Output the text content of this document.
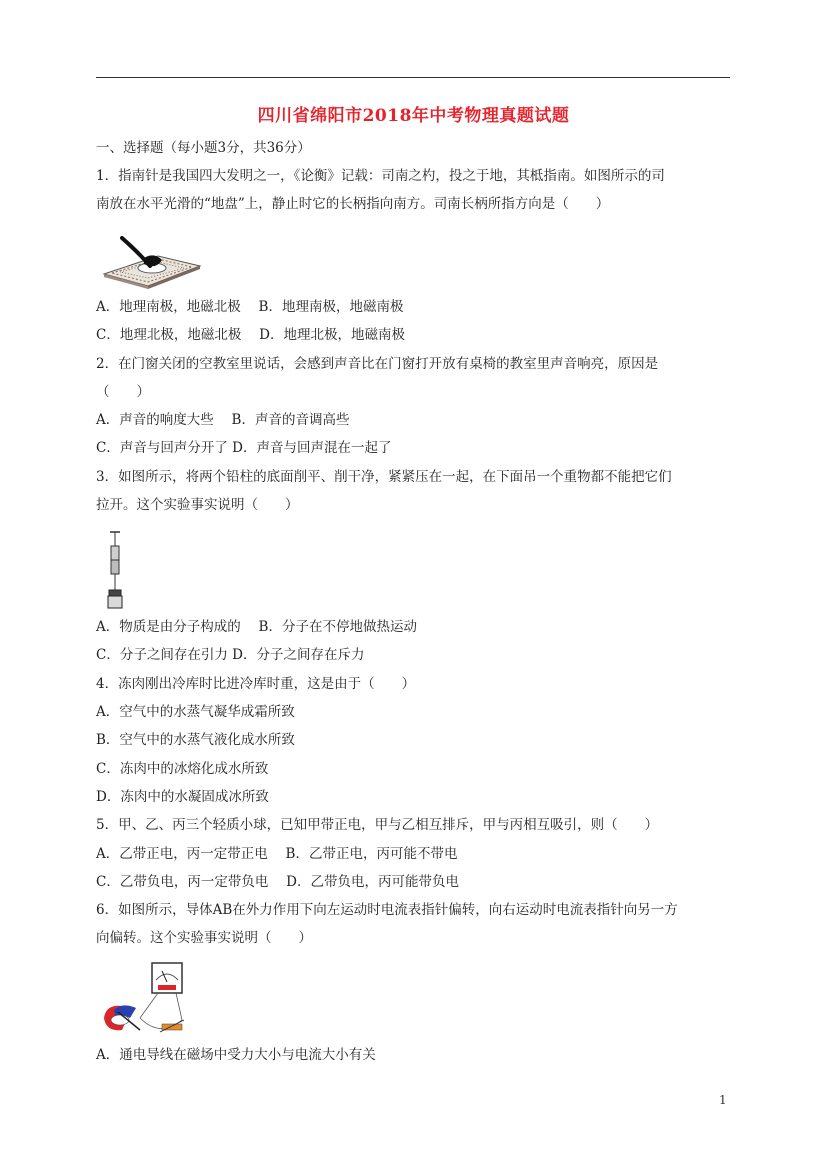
四川省绵阳市2018年中考物理真题试题
一、选择题（每小题3分，共36分）
1．指南针是我国四大发明之一，《论衡》记载：司南之杓，投之于地，其柢指南。如图所示的司
南放在水平光滑的“地盘”上，静止时它的长柄指向南方。司南长柄所指方向是（　　）
A．地理南极，地磁北极　 B．地理南极，地磁南极
C．地理北极，地磁北极　 D．地理北极，地磁南极
2．在门窗关闭的空教室里说话，会感到声音比在门窗打开放有桌椅的教室里声音响亮，原因是
（　　）
A．声音的响度大些　 B．声音的音调高些
C．声音与回声分开了 D．声音与回声混在一起了
3．如图所示，将两个铅柱的底面削平、削干净，紧紧压在一起，在下面吊一个重物都不能把它们
拉开。这个实验事实说明（　　）
A．物质是由分子构成的　 B．分子在不停地做热运动
C．分子之间存在引力 D．分子之间存在斥力
4．冻肉刚出冷库时比进冷库时重，这是由于（　　）
A．空气中的水蒸气凝华成霜所致
B．空气中的水蒸气液化成水所致
C．冻肉中的冰熔化成水所致
D．冻肉中的水凝固成冰所致
5．甲、乙、丙三个轻质小球，已知甲带正电，甲与乙相互排斥，甲与丙相互吸引，则（　　）
A．乙带正电，丙一定带正电　 B．乙带正电，丙可能不带电
C．乙带负电，丙一定带负电　 D．乙带负电，丙可能带负电
6．如图所示，导体AB在外力作用下向左运动时电流表指针偏转，向右运动时电流表指针向另一方
向偏转。这个实验事实说明（　　）
A．通电导线在磁场中受力大小与电流大小有关
1
